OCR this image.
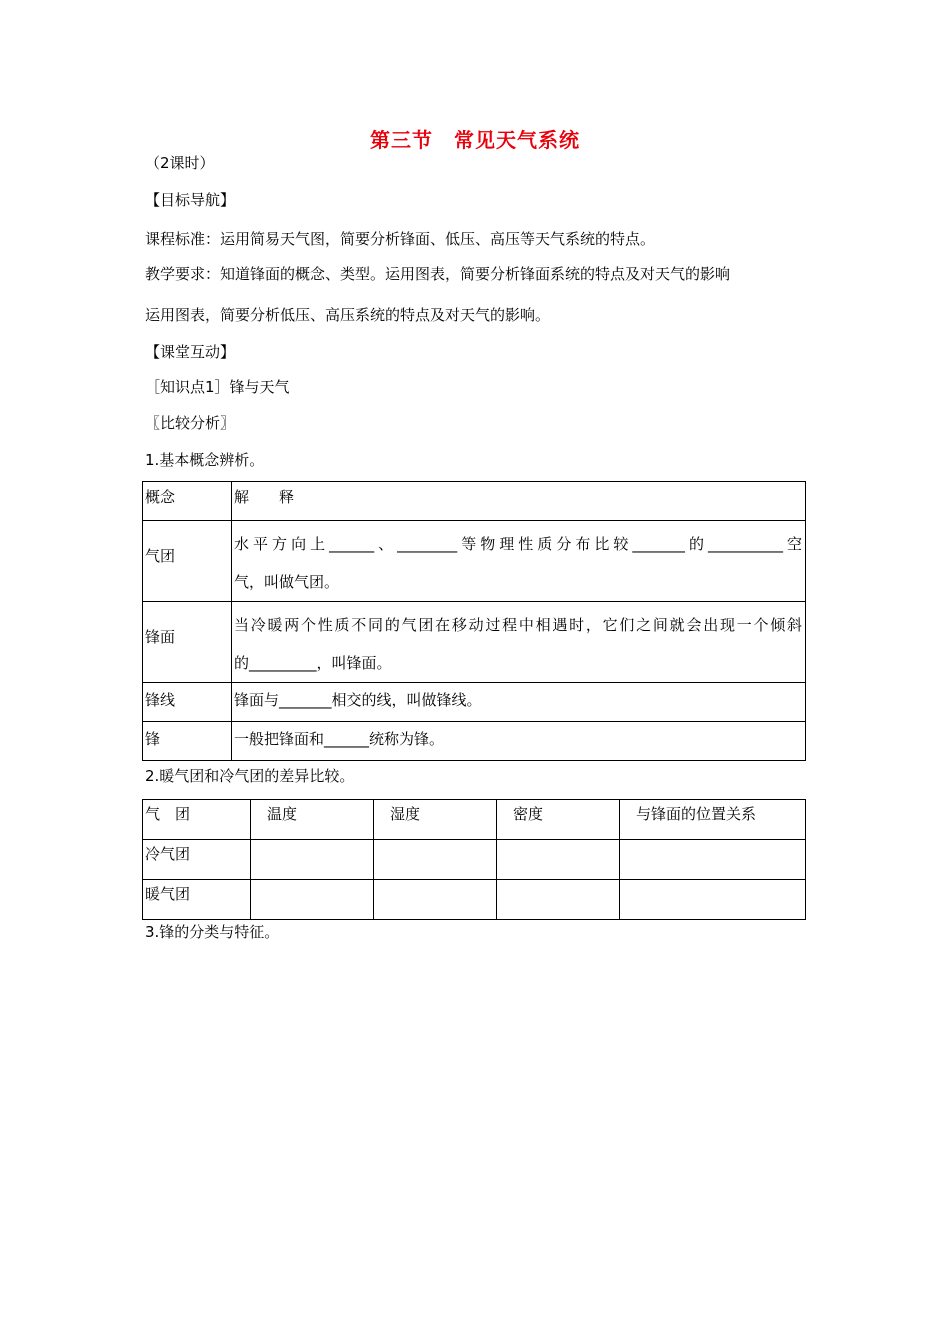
第三节　常见天气系统
（2课时）
【目标导航】
课程标准：运用简易天气图，简要分析锋面、低压、高压等天气系统的特点。
教学要求：知道锋面的概念、类型。运用图表，简要分析锋面系统的特点及对天气的影响
运用图表，简要分析低压、高压系统的特点及对天气的影响。
【课堂互动】
［知识点1］锋与天气
〖比较分析〗
1.基本概念辨析。
概念	解　　释
气团	水平方向上______、________等物理性质分布比较_______的__________空
气，叫做气团。

锋面	当冷暖两个性质不同的气团在移动过程中相遇时，它们之间就会出现一个倾斜
的_________，叫锋面。

锋线	锋面与_______相交的线，叫做锋线。
锋	一般把锋面和______统称为锋。
2.暖气团和冷气团的差异比较。
气　团	温度	湿度	密度	与锋面的位置关系
冷气团				
暖气团				
3.锋的分类与特征。
